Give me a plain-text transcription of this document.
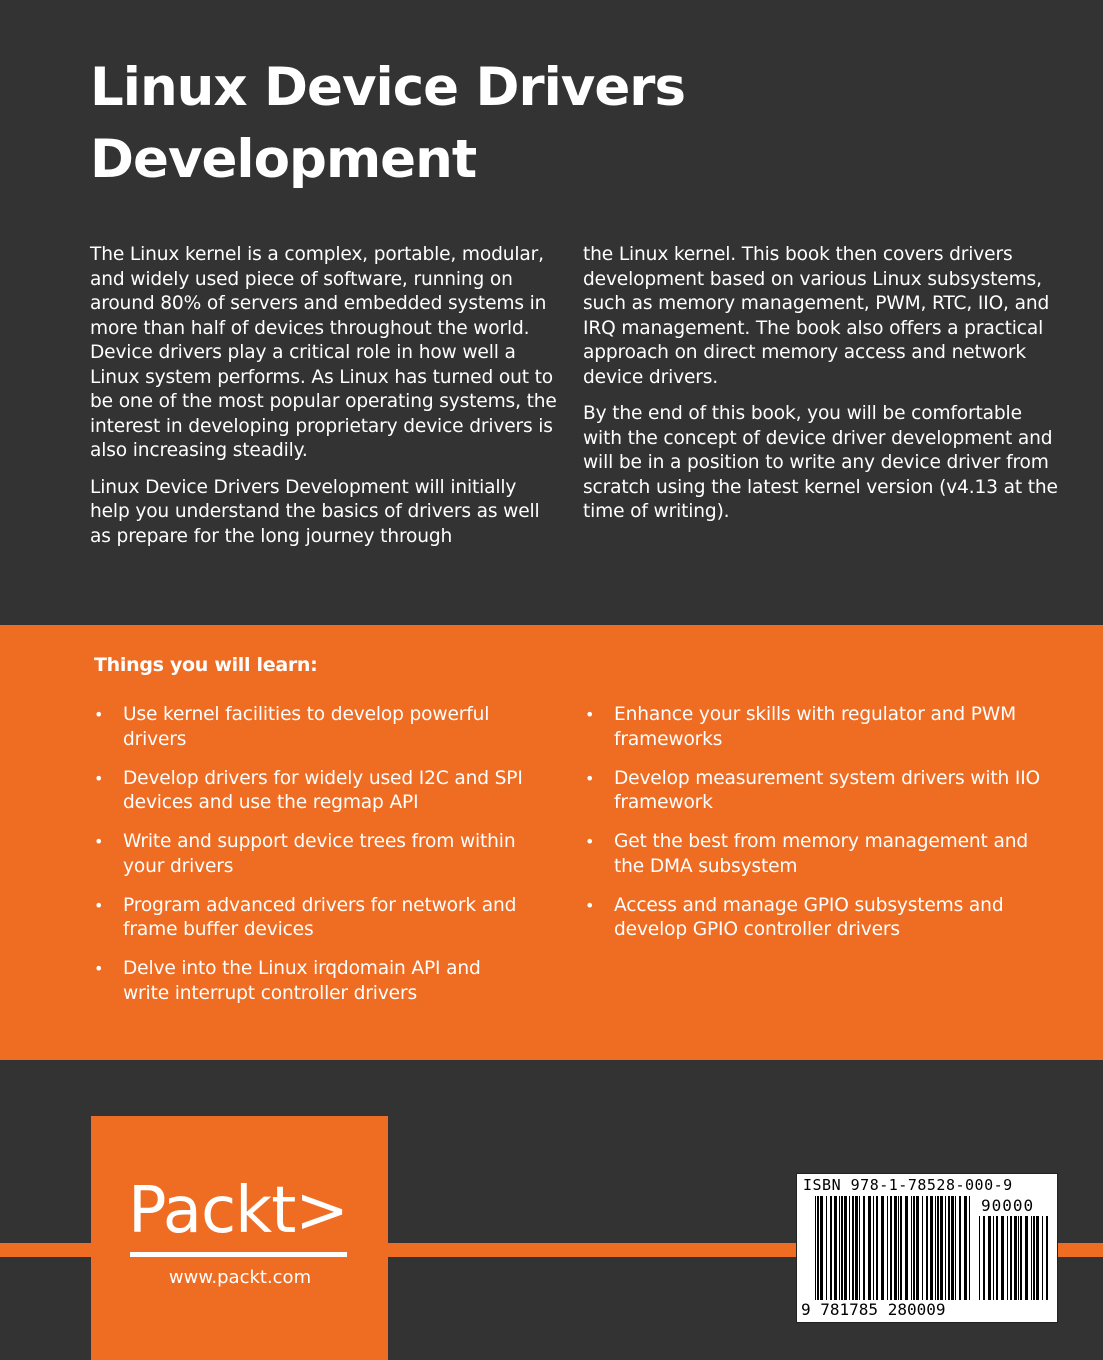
Linux Device Drivers Development

The Linux kernel is a complex, portable, modular, and widely used piece of software, running on around 80% of servers and embedded systems in more than half of devices throughout the world. Device drivers play a critical role in how well a Linux system performs. As Linux has turned out to be one of the most popular operating systems, the interest in developing proprietary device drivers is also increasing steadily.

Linux Device Drivers Development will initially help you understand the basics of drivers as well as prepare for the long journey through

the Linux kernel. This book then covers drivers development based on various Linux subsystems, such as memory management, PWM, RTC, IIO, and IRQ management. The book also offers a practical approach on direct memory access and network device drivers.

By the end of this book, you will be comfortable with the concept of device driver development and will be in a position to write any device driver from scratch using the latest kernel version (v4.13 at the time of writing).

Things you will learn:
• Use kernel facilities to develop powerful drivers
• Develop drivers for widely used I2C and SPI devices and use the regmap API
• Write and support device trees from within your drivers
• Program advanced drivers for network and frame buffer devices
• Delve into the Linux irqdomain API and write interrupt controller drivers
• Enhance your skills with regulator and PWM frameworks
• Develop measurement system drivers with IIO framework
• Get the best from memory management and the DMA subsystem
• Access and manage GPIO subsystems and develop GPIO controller drivers
Packt>
www.packt.com
ISBN 978-1-78528-000-9
90000
9 781785 280009
